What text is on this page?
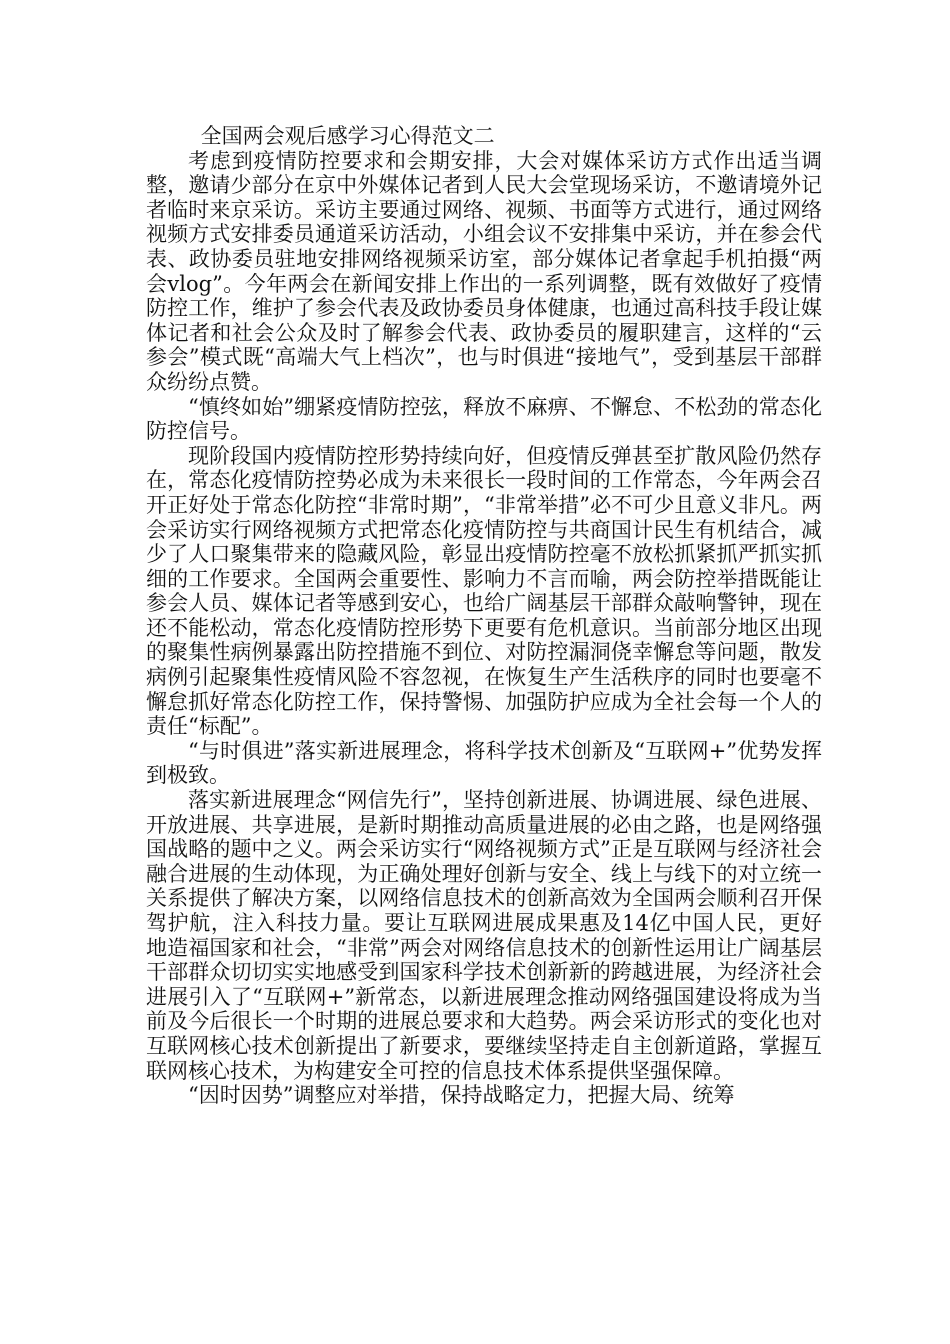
全国两会观后感学习心得范文二

考虑到疫情防控要求和会期安排，大会对媒体采访方式作出适当调整，邀请少部分在京中外媒体记者到人民大会堂现场采访，不邀请境外记者临时来京采访。采访主要通过网络、视频、书面等方式进行，通过网络视频方式安排委员通道采访活动，小组会议不安排集中采访，并在参会代表、政协委员驻地安排网络视频采访室，部分媒体记者拿起手机拍摄“两会vlog”。今年两会在新闻安排上作出的一系列调整，既有效做好了疫情防控工作，维护了参会代表及政协委员身体健康，也通过高科技手段让媒体记者和社会公众及时了解参会代表、政协委员的履职建言，这样的“云参会”模式既“高端大气上档次”，也与时俱进“接地气”，受到基层干部群众纷纷点赞。

“慎终如始”绷紧疫情防控弦，释放不麻痹、不懈怠、不松劲的常态化防控信号。

现阶段国内疫情防控形势持续向好，但疫情反弹甚至扩散风险仍然存在，常态化疫情防控势必成为未来很长一段时间的工作常态，今年两会召开正好处于常态化防控“非常时期”，“非常举措”必不可少且意义非凡。两会采访实行网络视频方式把常态化疫情防控与共商国计民生有机结合，减少了人口聚集带来的隐藏风险，彰显出疫情防控毫不放松抓紧抓严抓实抓细的工作要求。全国两会重要性、影响力不言而喻，两会防控举措既能让参会人员、媒体记者等感到安心，也给广阔基层干部群众敲响警钟，现在还不能松动，常态化疫情防控形势下更要有危机意识。当前部分地区出现的聚集性病例暴露出防控措施不到位、对防控漏洞侥幸懈怠等问题，散发病例引起聚集性疫情风险不容忽视，在恢复生产生活秩序的同时也要毫不懈怠抓好常态化防控工作，保持警惕、加强防护应成为全社会每一个人的责任“标配”。

“与时俱进”落实新进展理念，将科学技术创新及“互联网+”优势发挥到极致。

落实新进展理念“网信先行”，坚持创新进展、协调进展、绿色进展、开放进展、共享进展，是新时期推动高质量进展的必由之路，也是网络强国战略的题中之义。两会采访实行“网络视频方式”正是互联网与经济社会融合进展的生动体现，为正确处理好创新与安全、线上与线下的对立统一关系提供了解决方案，以网络信息技术的创新高效为全国两会顺利召开保驾护航，注入科技力量。要让互联网进展成果惠及14亿中国人民，更好地造福国家和社会，“非常”两会对网络信息技术的创新性运用让广阔基层干部群众切切实实地感受到国家科学技术创新新的跨越进展，为经济社会进展引入了“互联网+”新常态，以新进展理念推动网络强国建设将成为当前及今后很长一个时期的进展总要求和大趋势。两会采访形式的变化也对互联网核心技术创新提出了新要求，要继续坚持走自主创新道路，掌握互联网核心技术，为构建安全可控的信息技术体系提供坚强保障。

“因时因势”调整应对举措，保持战略定力，把握大局、统筹
